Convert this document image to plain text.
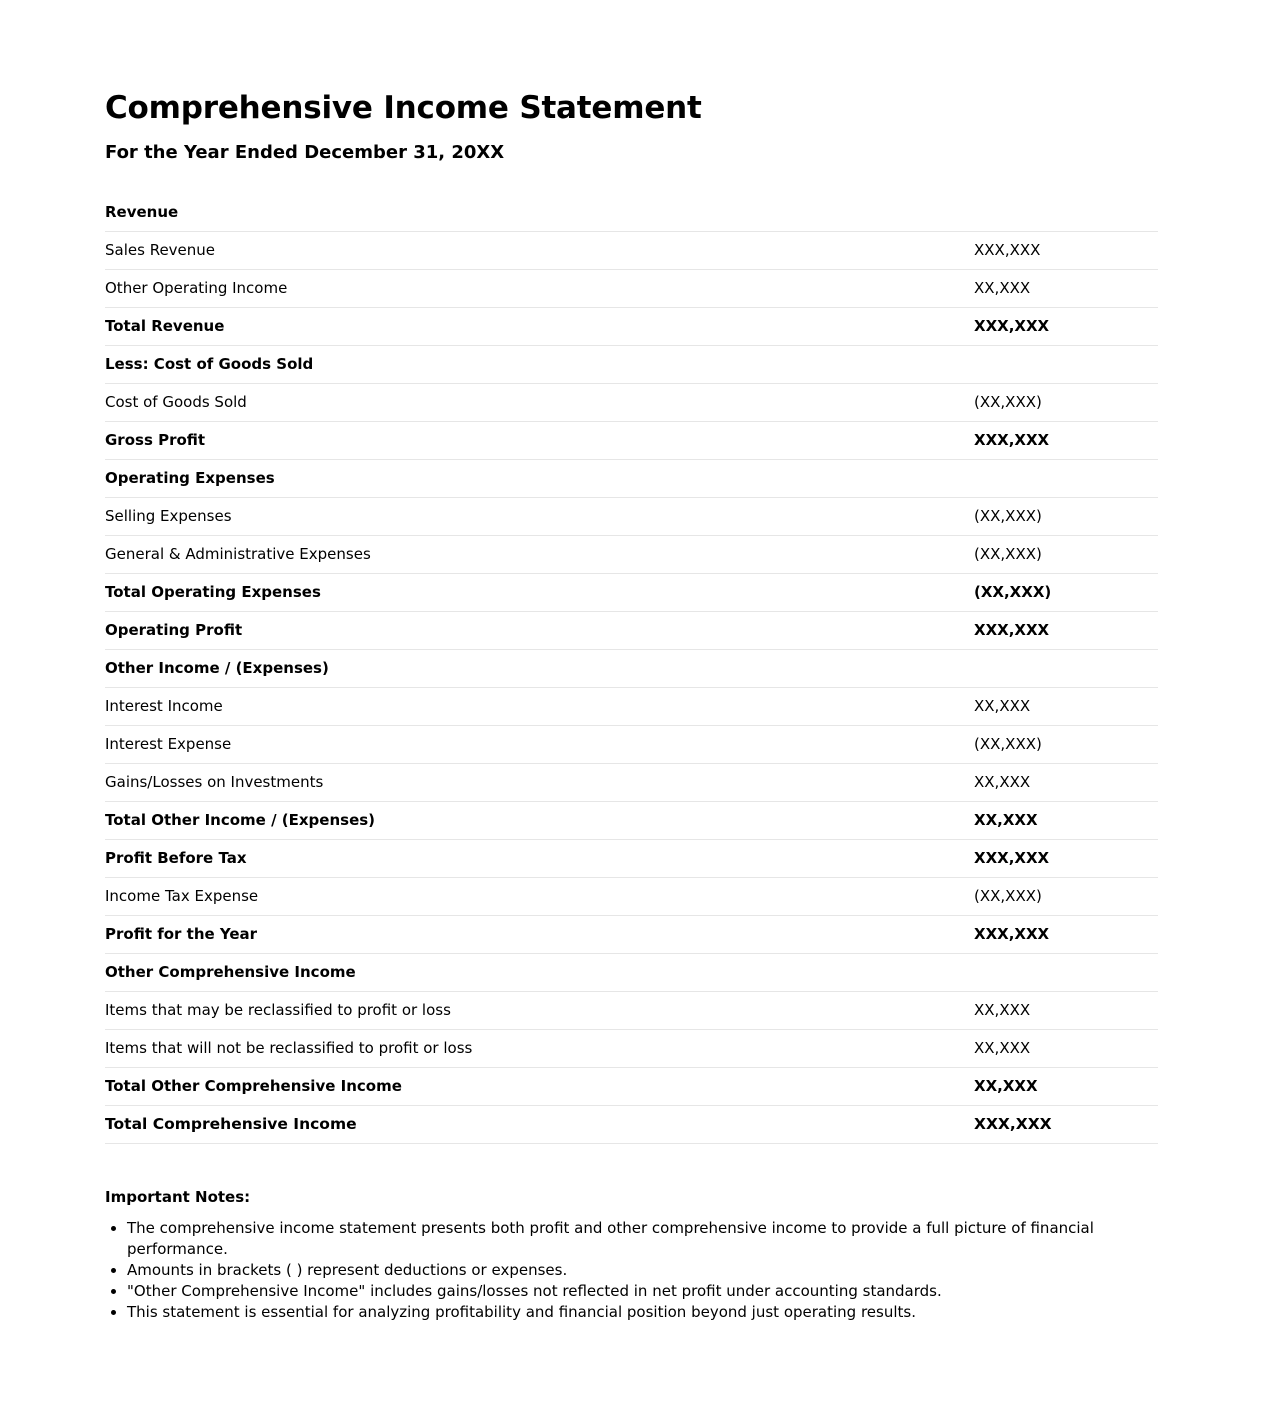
Comprehensive Income Statement
For the Year Ended December 31, 20XX
Revenue	
Sales Revenue	XXX,XXX
Other Operating Income	XX,XXX
Total Revenue	XXX,XXX
Less: Cost of Goods Sold	
Cost of Goods Sold	(XX,XXX)
Gross Profit	XXX,XXX
Operating Expenses	
Selling Expenses	(XX,XXX)
General & Administrative Expenses	(XX,XXX)
Total Operating Expenses	(XX,XXX)
Operating Profit	XXX,XXX
Other Income / (Expenses)	
Interest Income	XX,XXX
Interest Expense	(XX,XXX)
Gains/Losses on Investments	XX,XXX
Total Other Income / (Expenses)	XX,XXX
Profit Before Tax	XXX,XXX
Income Tax Expense	(XX,XXX)
Profit for the Year	XXX,XXX
Other Comprehensive Income	
Items that may be reclassified to profit or loss	XX,XXX
Items that will not be reclassified to profit or loss	XX,XXX
Total Other Comprehensive Income	XX,XXX
Total Comprehensive Income	XXX,XXX
Important Notes:
• The comprehensive income statement presents both profit and other comprehensive income to provide a full picture of financial performance.
• Amounts in brackets ( ) represent deductions or expenses.
• "Other Comprehensive Income" includes gains/losses not reflected in net profit under accounting standards.
• This statement is essential for analyzing profitability and financial position beyond just operating results.
